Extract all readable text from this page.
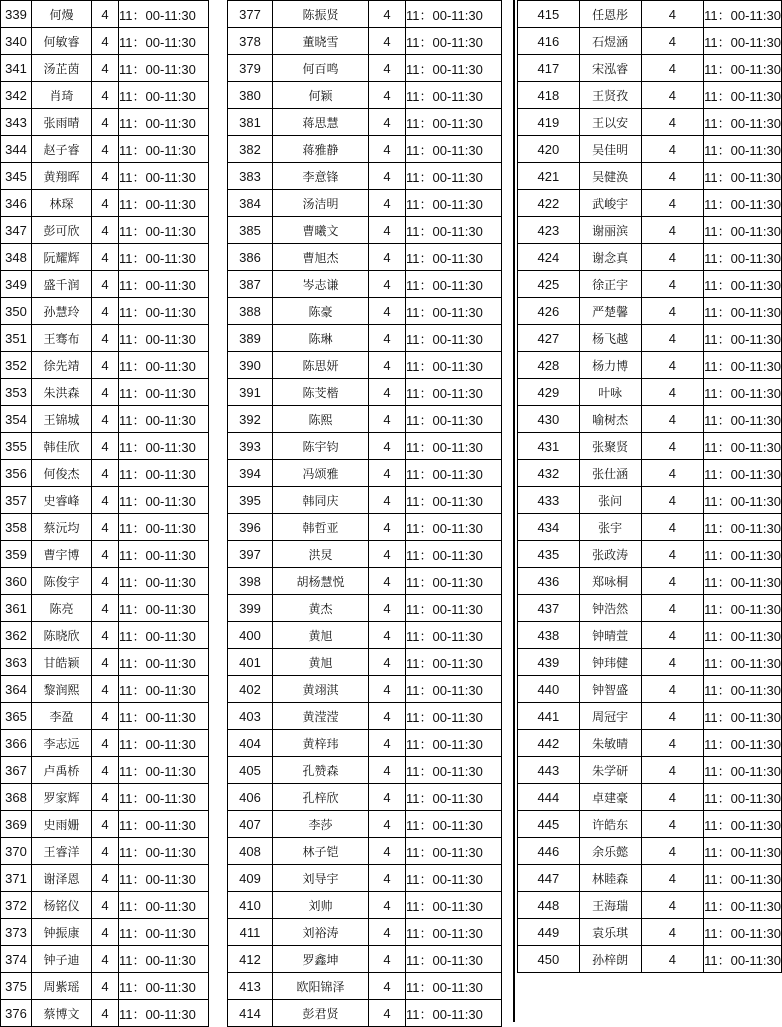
339	何熳	4	11：00-11:30
340	何敏睿	4	11：00-11:30
341	汤芷茵	4	11：00-11:30
342	肖琦	4	11：00-11:30
343	张雨晴	4	11：00-11:30
344	赵子睿	4	11：00-11:30
345	黄翔晖	4	11：00-11:30
346	林琛	4	11：00-11:30
347	彭可欣	4	11：00-11:30
348	阮耀辉	4	11：00-11:30
349	盛千润	4	11：00-11:30
350	孙慧玲	4	11：00-11:30
351	王骞布	4	11：00-11:30
352	徐先靖	4	11：00-11:30
353	朱洪森	4	11：00-11:30
354	王锦城	4	11：00-11:30
355	韩佳欣	4	11：00-11:30
356	何俊杰	4	11：00-11:30
357	史睿峰	4	11：00-11:30
358	蔡沅均	4	11：00-11:30
359	曹宇博	4	11：00-11:30
360	陈俊宇	4	11：00-11:30
361	陈亮	4	11：00-11:30
362	陈晓欣	4	11：00-11:30
363	甘皓颖	4	11：00-11:30
364	黎润熙	4	11：00-11:30
365	李盈	4	11：00-11:30
366	李志远	4	11：00-11:30
367	卢禹桥	4	11：00-11:30
368	罗家辉	4	11：00-11:30
369	史雨姗	4	11：00-11:30
370	王睿洋	4	11：00-11:30
371	谢泽恩	4	11：00-11:30
372	杨铭仪	4	11：00-11:30
373	钟振康	4	11：00-11:30
374	钟子迪	4	11：00-11:30
375	周紫瑶	4	11：00-11:30
376	蔡博文	4	11：00-11:30
377	陈振贤	4	11：00-11:30
378	董晓雪	4	11：00-11:30
379	何百鸣	4	11：00-11:30
380	何颖	4	11：00-11:30
381	蒋思慧	4	11：00-11:30
382	蒋雅静	4	11：00-11:30
383	李意锋	4	11：00-11:30
384	汤洁明	4	11：00-11:30
385	曹曦文	4	11：00-11:30
386	曹旭杰	4	11：00-11:30
387	岑志谦	4	11：00-11:30
388	陈豪	4	11：00-11:30
389	陈琳	4	11：00-11:30
390	陈思妍	4	11：00-11:30
391	陈芠楷	4	11：00-11:30
392	陈熙	4	11：00-11:30
393	陈宇钧	4	11：00-11:30
394	冯颂雅	4	11：00-11:30
395	韩同庆	4	11：00-11:30
396	韩哲亚	4	11：00-11:30
397	洪炅	4	11：00-11:30
398	胡杨慧悦	4	11：00-11:30
399	黄杰	4	11：00-11:30
400	黄旭	4	11：00-11:30
401	黄旭	4	11：00-11:30
402	黄翊淇	4	11：00-11:30
403	黄滢滢	4	11：00-11:30
404	黄梓玮	4	11：00-11:30
405	孔赞森	4	11：00-11:30
406	孔梓欣	4	11：00-11:30
407	李莎	4	11：00-11:30
408	林子铠	4	11：00-11:30
409	刘导宇	4	11：00-11:30
410	刘帅	4	11：00-11:30
411	刘裕涛	4	11：00-11:30
412	罗鑫坤	4	11：00-11:30
413	欧阳锦泽	4	11：00-11:30
414	彭君贤	4	11：00-11:30
415	任恩彤	4	11：00-11:30
416	石煜涵	4	11：00-11:30
417	宋泓睿	4	11：00-11:30
418	王贤孜	4	11：00-11:30
419	王以安	4	11：00-11:30
420	吴佳明	4	11：00-11:30
421	吴健涣	4	11：00-11:30
422	武峻宇	4	11：00-11:30
423	谢丽滨	4	11：00-11:30
424	谢念真	4	11：00-11:30
425	徐正宇	4	11：00-11:30
426	严楚馨	4	11：00-11:30
427	杨飞越	4	11：00-11:30
428	杨力博	4	11：00-11:30
429	叶咏	4	11：00-11:30
430	喻树杰	4	11：00-11:30
431	张聚贤	4	11：00-11:30
432	张仕涵	4	11：00-11:30
433	张问	4	11：00-11:30
434	张宇	4	11：00-11:30
435	张政涛	4	11：00-11:30
436	郑咏桐	4	11：00-11:30
437	钟浩然	4	11：00-11:30
438	钟晴萱	4	11：00-11:30
439	钟玮健	4	11：00-11:30
440	钟智盛	4	11：00-11:30
441	周冠宇	4	11：00-11:30
442	朱敏晴	4	11：00-11:30
443	朱学研	4	11：00-11:30
444	卓建豪	4	11：00-11:30
445	许皓东	4	11：00-11:30
446	余乐懿	4	11：00-11:30
447	林睦森	4	11：00-11:30
448	王海瑞	4	11：00-11:30
449	袁乐琪	4	11：00-11:30
450	孙梓朗	4	11：00-11:30
